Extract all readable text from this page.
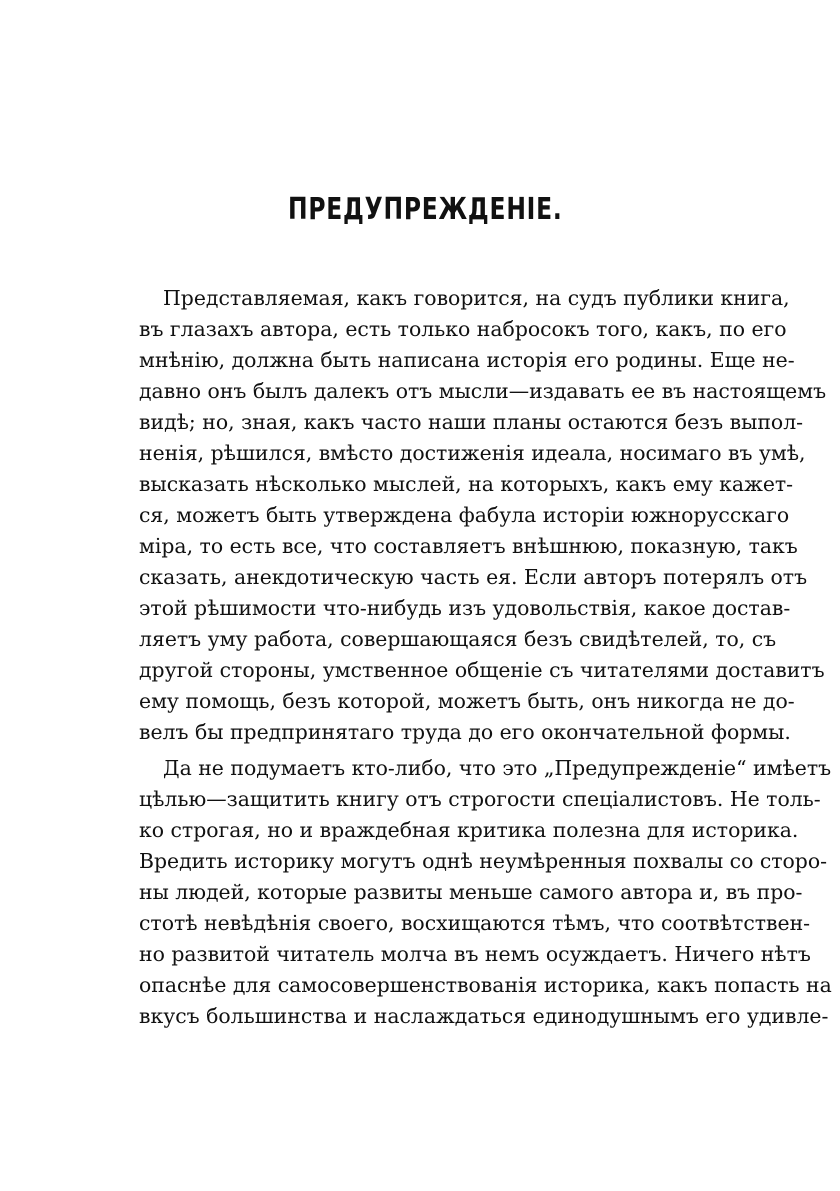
ПРЕДУПРЕЖДЕНІЕ.
Представляемая, какъ говорится, на судъ публики книга,
въ глазахъ автора, есть только набросокъ того, какъ, по его
мнѣнію, должна быть написана исторія его родины. Еще не-
давно онъ былъ далекъ отъ мысли—издавать ее въ настоящемъ
видѣ; но, зная, какъ часто наши планы остаются безъ выпол-
ненія, рѣшился, вмѣсто достиженія идеала, носимаго въ умѣ,
высказать нѣсколько мыслей, на которыхъ, какъ ему кажет-
ся, можетъ быть утверждена фабула исторіи южнорусскаго
міра, то есть все, что составляетъ внѣшнюю, показную, такъ
сказать, анекдотическую часть ея. Если авторъ потерялъ отъ
этой рѣшимости что-нибудь изъ удовольствія, какое достав-
ляетъ уму работа, совершающаяся безъ свидѣтелей, то, съ
другой стороны, умственное общеніе съ читателями доставитъ
ему помощь, безъ которой, можетъ быть, онъ никогда не до-
велъ бы предпринятаго труда до его окончательной формы.
Да не подумаетъ кто-либо, что это „Предупрежденіе“ имѣетъ
цѣлью—защитить книгу отъ строгости спеціалистовъ. Не толь-
ко строгая, но и враждебная критика полезна для историка.
Вредить историку могутъ однѣ неумѣренныя похвалы со сторо-
ны людей, которые развиты меньше самого автора и, въ про-
стотѣ невѣдѣнія своего, восхищаются тѣмъ, что соотвѣтствен-
но развитой читатель молча въ немъ осуждаетъ. Ничего нѣтъ
опаснѣе для самосовершенствованія историка, какъ попасть на
вкусъ большинства и наслаждаться единодушнымъ его удивле-
